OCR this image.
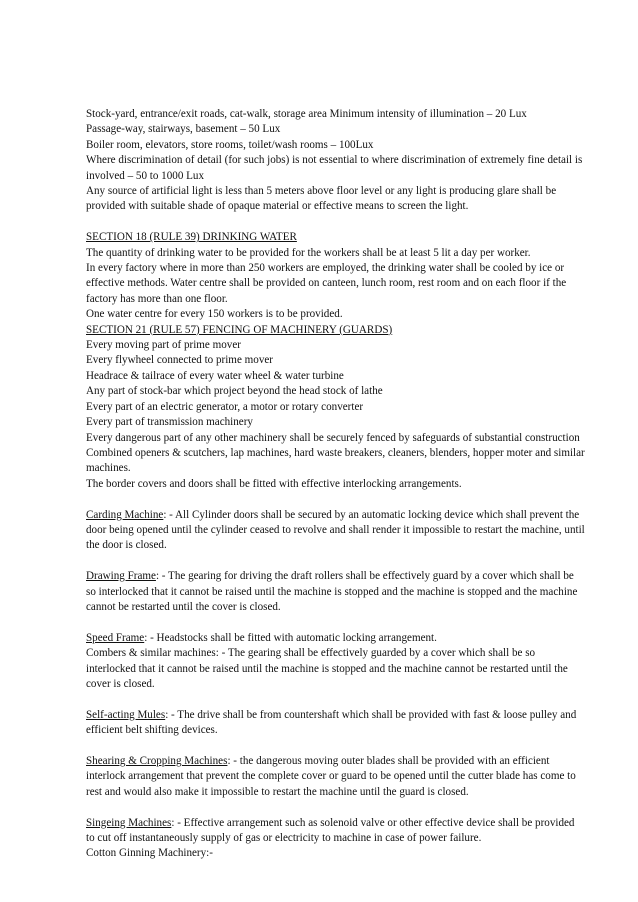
Stock-yard, entrance/exit roads, cat-walk, storage area Minimum intensity of illumination – 20 Lux
Passage-way, stairways, basement – 50 Lux
Boiler room, elevators, store rooms, toilet/wash rooms – 100Lux
Where discrimination of detail (for such jobs) is not essential to where discrimination of extremely fine detail is
involved – 50 to 1000 Lux
Any source of artificial light is less than 5 meters above floor level or any light is producing glare shall be
provided with suitable shade of opaque material or effective means to screen the light.
SECTION 18 (RULE 39) DRINKING WATER
The quantity of drinking water to be provided for the workers shall be at least 5 lit a day per worker.
In every factory where in more than 250 workers are employed, the drinking water shall be cooled by ice or
effective methods. Water centre shall be provided on canteen, lunch room, rest room and on each floor if the
factory has more than one floor.
One water centre for every 150 workers is to be provided.
SECTION 21 (RULE 57) FENCING OF MACHINERY (GUARDS)
Every moving part of prime mover
Every flywheel connected to prime mover
Headrace & tailrace of every water wheel & water turbine
Any part of stock-bar which project beyond the head stock of lathe
Every part of an electric generator, a motor or rotary converter
Every part of transmission machinery
Every dangerous part of any other machinery shall be securely fenced by safeguards of substantial construction
Combined openers & scutchers, lap machines, hard waste breakers, cleaners, blenders, hopper moter and similar
machines.
The border covers and doors shall be fitted with effective interlocking arrangements.
Carding Machine: - All Cylinder doors shall be secured by an automatic locking device which shall prevent the
door being opened until the cylinder ceased to revolve and shall render it impossible to restart the machine, until
the door is closed.
Drawing Frame: - The gearing for driving the draft rollers shall be effectively guard by a cover which shall be
so interlocked that it cannot be raised until the machine is stopped and the machine is stopped and the machine
cannot be restarted until the cover is closed.
Speed Frame: - Headstocks shall be fitted with automatic locking arrangement.
Combers & similar machines: - The gearing shall be effectively guarded by a cover which shall be so
interlocked that it cannot be raised until the machine is stopped and the machine cannot be restarted until the
cover is closed.
Self-acting Mules: - The drive shall be from countershaft which shall be provided with fast & loose pulley and
efficient belt shifting devices.
Shearing & Cropping Machines: - the dangerous moving outer blades shall be provided with an efficient
interlock arrangement that prevent the complete cover or guard to be opened until the cutter blade has come to
rest and would also make it impossible to restart the machine until the guard is closed.
Singeing Machines: - Effective arrangement such as solenoid valve or other effective device shall be provided
to cut off instantaneously supply of gas or electricity to machine in case of power failure.
Cotton Ginning Machinery:-
